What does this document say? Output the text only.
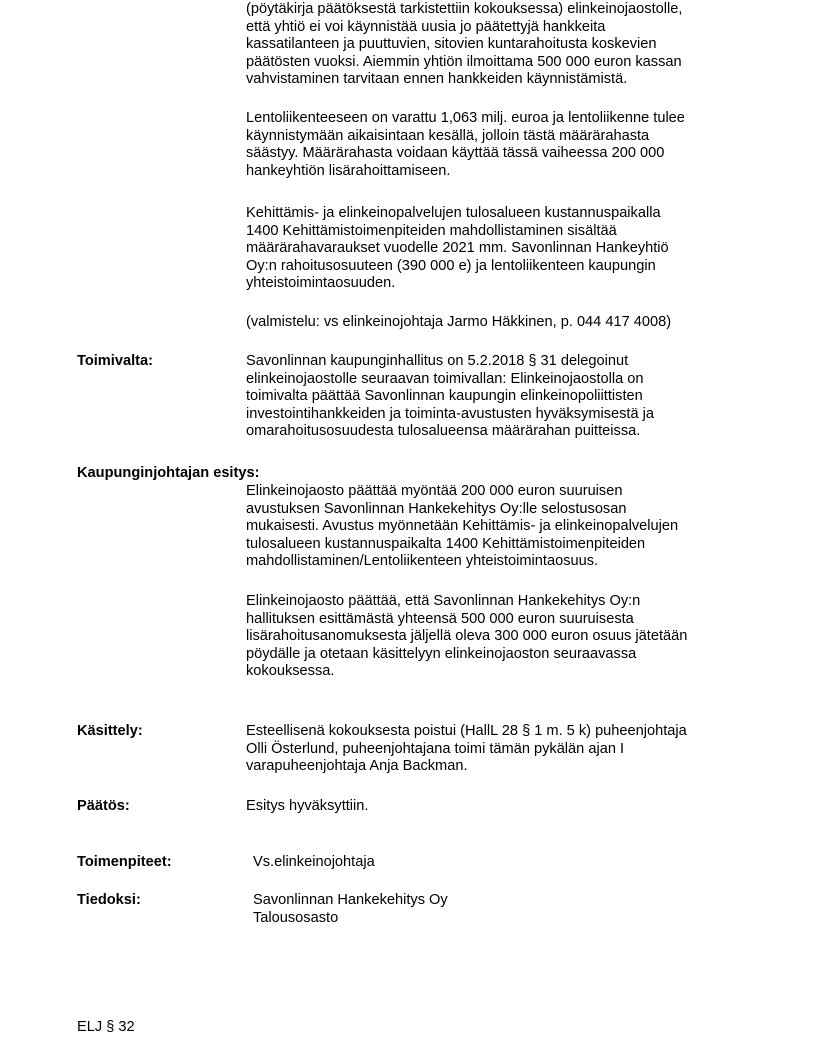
(pöytäkirja päätöksestä tarkistettiin kokouksessa) elinkeinojaostolle,
että yhtiö ei voi käynnistää uusia jo päätettyjä hankkeita
kassatilanteen ja puuttuvien, sitovien kuntarahoitusta koskevien
päätösten vuoksi. Aiemmin yhtiön ilmoittama 500 000 euron kassan
vahvistaminen tarvitaan ennen hankkeiden käynnistämistä.

Lentoliikenteeseen on varattu 1,063 milj. euroa ja lentoliikenne tulee
käynnistymään aikaisintaan kesällä, jolloin tästä määrärahasta
säästyy. Määrärahasta voidaan käyttää tässä vaiheessa 200 000
hankeyhtiön lisärahoittamiseen.

Kehittämis- ja elinkeinopalvelujen tulosalueen kustannuspaikalla
1400 Kehittämistoimenpiteiden mahdollistaminen sisältää
määrärahavaraukset vuodelle 2021 mm. Savonlinnan Hankeyhtiö
Oy:n rahoitusosuuteen (390 000 e) ja lentoliikenteen kaupungin
yhteistoimintaosuuden.

(valmistelu: vs elinkeinojohtaja Jarmo Häkkinen, p. 044 417 4008)

Toimivalta:	Savonlinnan kaupunginhallitus on 5.2.2018 § 31 delegoinut
elinkeinojaostolle seuraavan toimivallan: Elinkeinojaostolla on
toimivalta päättää Savonlinnan kaupungin elinkeinopoliittisten
investointihankkeiden ja toiminta-avustusten hyväksymisestä ja
omarahoitusosuudesta tulosalueensa määrärahan puitteissa.

Kaupunginjohtajan esitys:

Elinkeinojaosto päättää myöntää 200 000 euron suuruisen
avustuksen Savonlinnan Hankekehitys Oy:lle selostusosan
mukaisesti. Avustus myönnetään Kehittämis- ja elinkeinopalvelujen
tulosalueen kustannuspaikalta 1400 Kehittämistoimenpiteiden
mahdollistaminen/Lentoliikenteen yhteistoimintaosuus.

Elinkeinojaosto päättää, että Savonlinnan Hankekehitys Oy:n
hallituksen esittämästä yhteensä 500 000 euron suuruisesta
lisärahoitusanomuksesta jäljellä oleva 300 000 euron osuus jätetään
pöydälle ja otetaan käsittelyyn elinkeinojaoston seuraavassa
kokouksessa.

Käsittely:	Esteellisenä kokouksesta poistui (HallL 28 § 1 m. 5 k) puheenjohtaja
Olli Österlund, puheenjohtajana toimi tämän pykälän ajan I
varapuheenjohtaja Anja Backman.

Päätös:	Esitys hyväksyttiin.

Toimenpiteet:	Vs.elinkeinojohtaja

Tiedoksi:	Savonlinnan Hankekehitys Oy
Talousosasto

ELJ § 32
